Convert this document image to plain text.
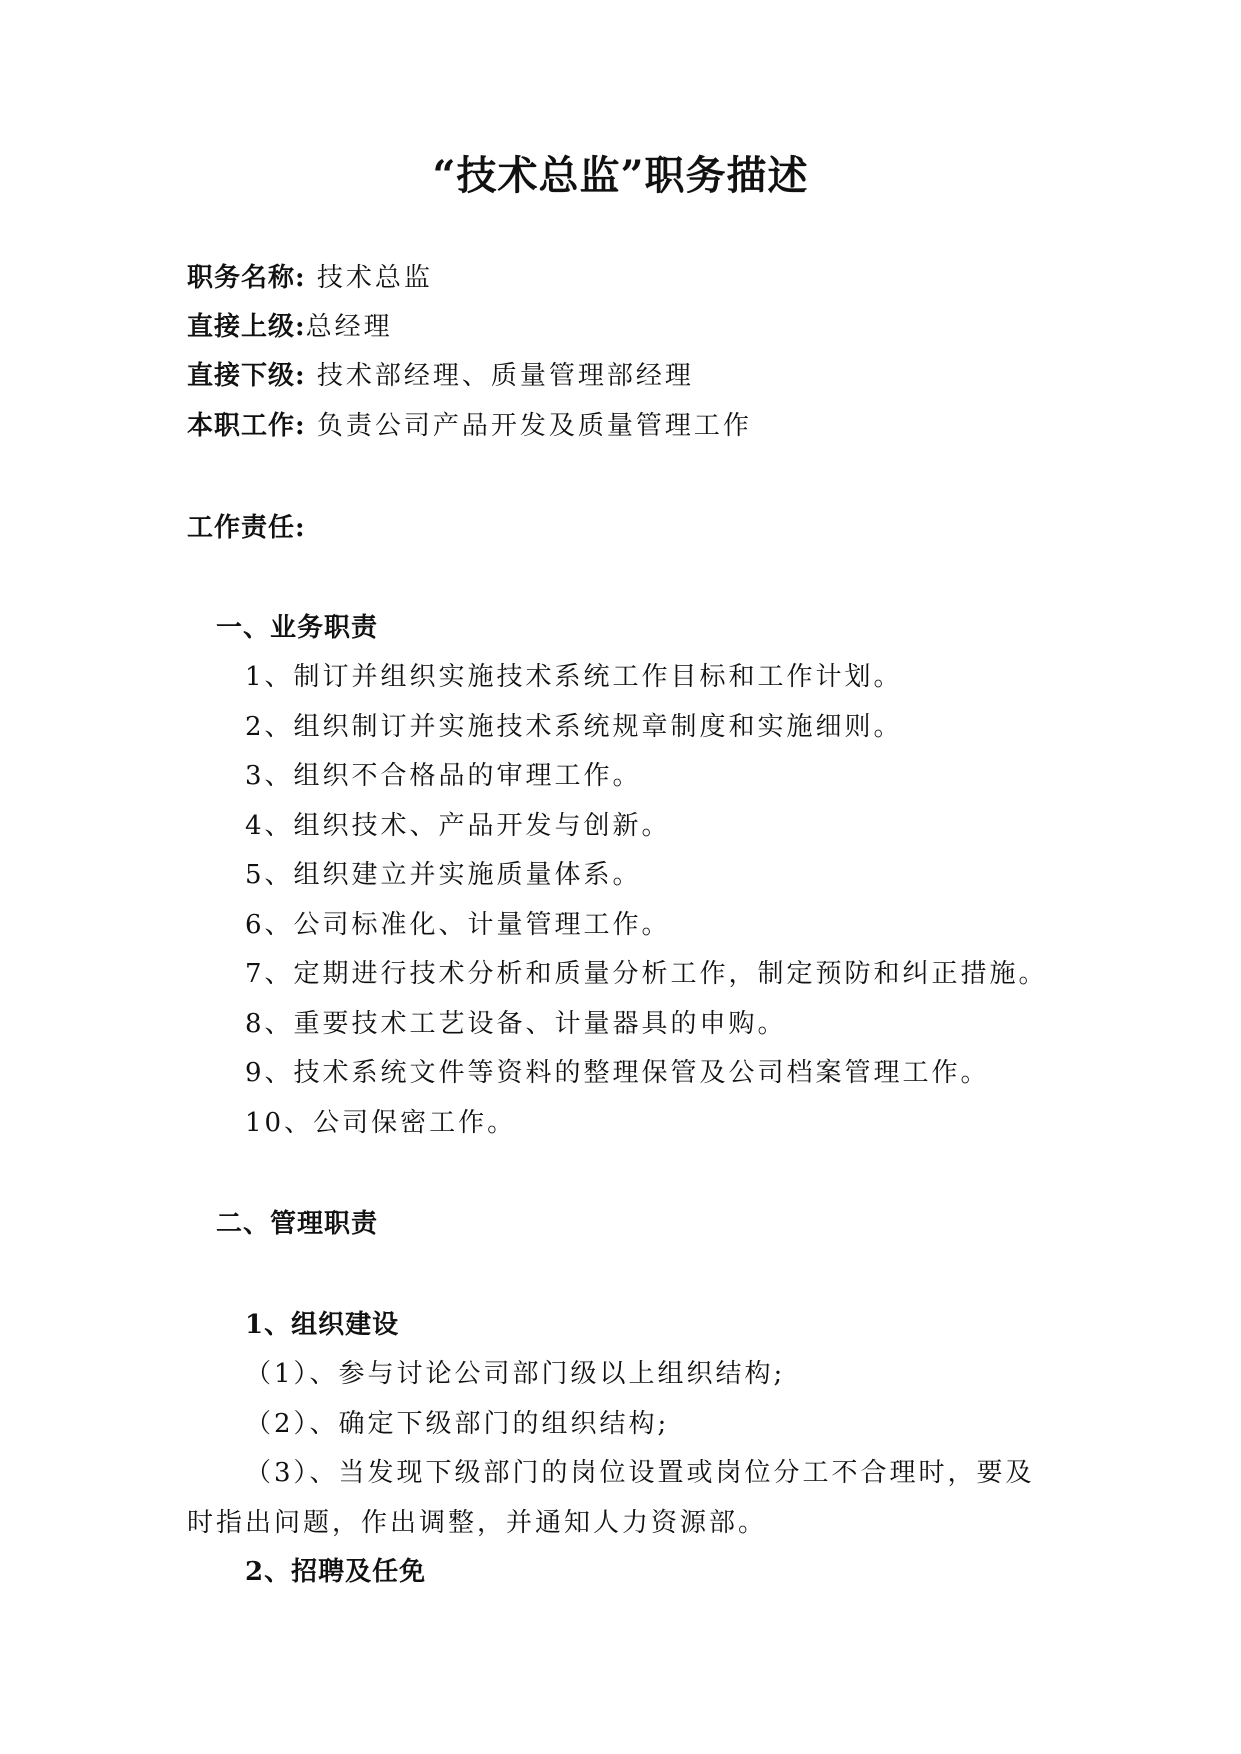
“技术总监”职务描述
职务名称: 技术总监
直接上级:总经理
直接下级: 技术部经理、质量管理部经理
本职工作: 负责公司产品开发及质量管理工作
工作责任:
一、业务职责
1、制订并组织实施技术系统工作目标和工作计划。
2、组织制订并实施技术系统规章制度和实施细则。
3、组织不合格品的审理工作。
4、组织技术、产品开发与创新。
5、组织建立并实施质量体系。
6、公司标准化、计量管理工作。
7、定期进行技术分析和质量分析工作，制定预防和纠正措施。
8、重要技术工艺设备、计量器具的申购。
9、技术系统文件等资料的整理保管及公司档案管理工作。
10、公司保密工作。
二、管理职责
1、组织建设
（1）、参与讨论公司部门级以上组织结构;
（2）、确定下级部门的组织结构;
（3）、当发现下级部门的岗位设置或岗位分工不合理时，要及
时指出问题，作出调整，并通知人力资源部。
2、招聘及任免
